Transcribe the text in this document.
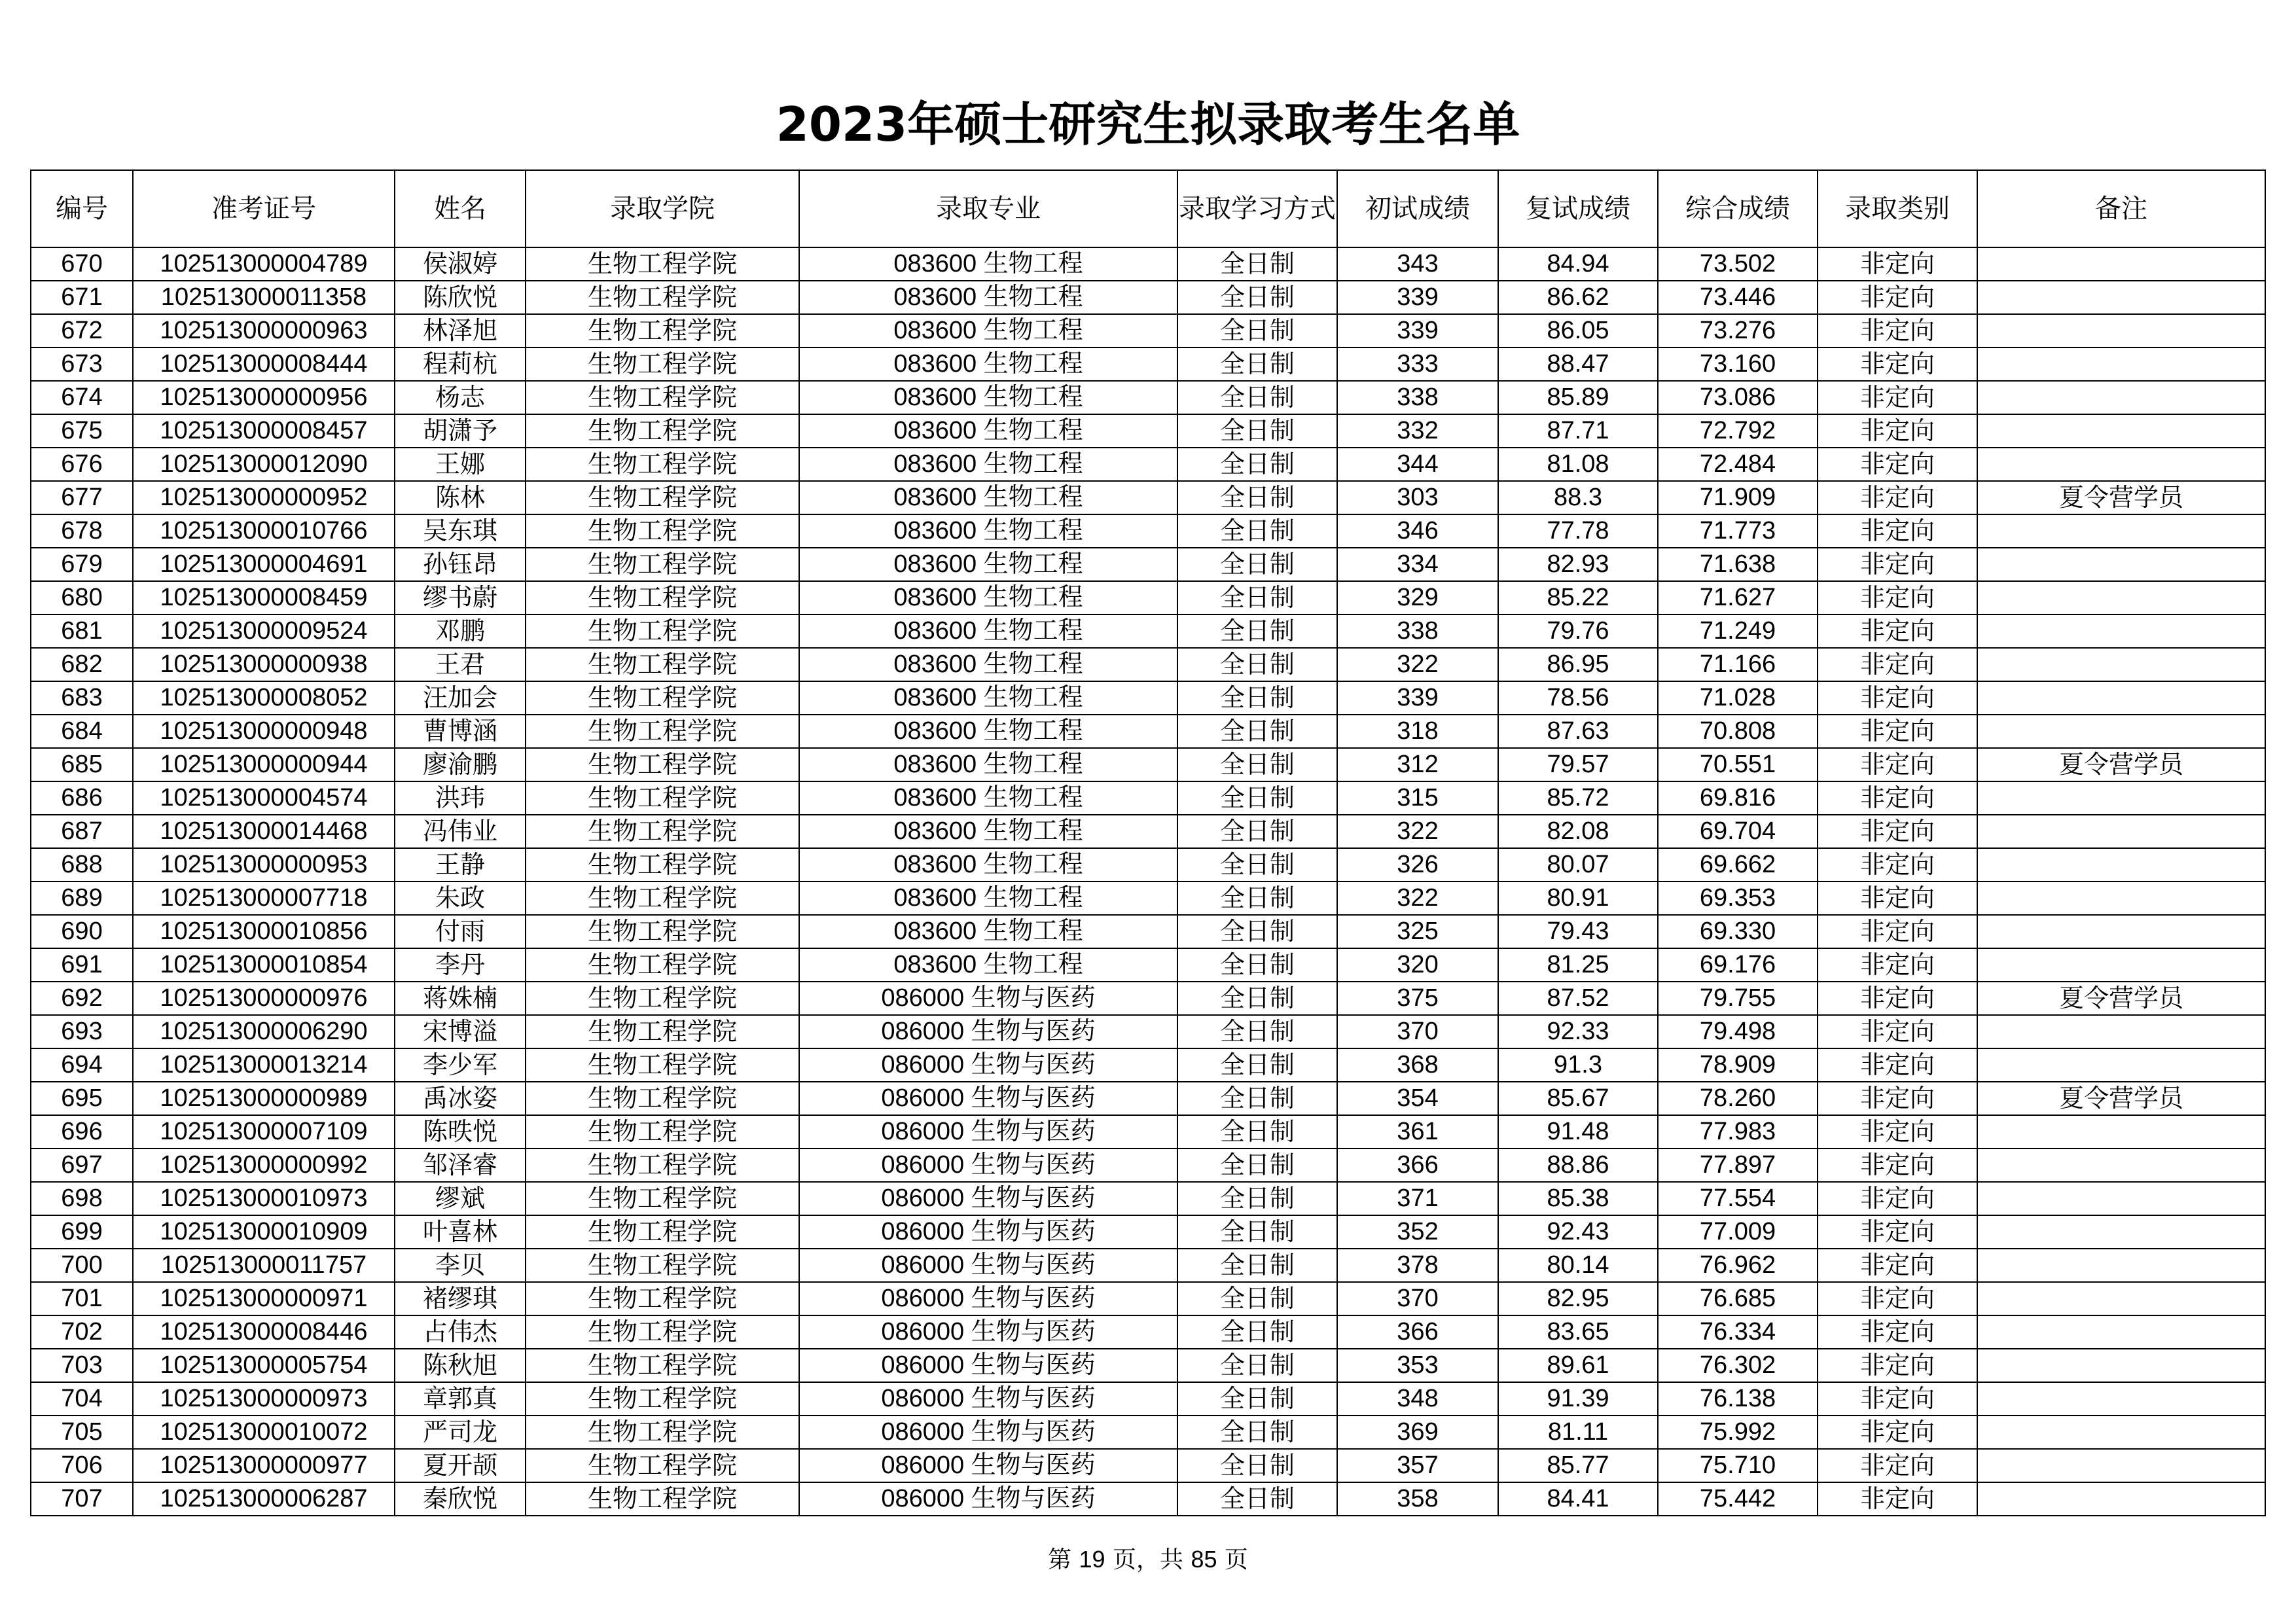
2023年硕士研究生拟录取考生名单
编号	准考证号	姓名	录取学院	录取专业	录取学习方式	初试成绩	复试成绩	综合成绩	录取类别	备注
670	102513000004789	侯淑婷	生物工程学院	083600 生物工程	全日制	343	84.94	73.502	非定向	
671	102513000011358	陈欣悦	生物工程学院	083600 生物工程	全日制	339	86.62	73.446	非定向	
672	102513000000963	林泽旭	生物工程学院	083600 生物工程	全日制	339	86.05	73.276	非定向	
673	102513000008444	程莉杭	生物工程学院	083600 生物工程	全日制	333	88.47	73.160	非定向	
674	102513000000956	杨志	生物工程学院	083600 生物工程	全日制	338	85.89	73.086	非定向	
675	102513000008457	胡潇予	生物工程学院	083600 生物工程	全日制	332	87.71	72.792	非定向	
676	102513000012090	王娜	生物工程学院	083600 生物工程	全日制	344	81.08	72.484	非定向	
677	102513000000952	陈林	生物工程学院	083600 生物工程	全日制	303	88.3	71.909	非定向	夏令营学员
678	102513000010766	吴东琪	生物工程学院	083600 生物工程	全日制	346	77.78	71.773	非定向	
679	102513000004691	孙钰昂	生物工程学院	083600 生物工程	全日制	334	82.93	71.638	非定向	
680	102513000008459	缪书蔚	生物工程学院	083600 生物工程	全日制	329	85.22	71.627	非定向	
681	102513000009524	邓鹏	生物工程学院	083600 生物工程	全日制	338	79.76	71.249	非定向	
682	102513000000938	王君	生物工程学院	083600 生物工程	全日制	322	86.95	71.166	非定向	
683	102513000008052	汪加会	生物工程学院	083600 生物工程	全日制	339	78.56	71.028	非定向	
684	102513000000948	曹博涵	生物工程学院	083600 生物工程	全日制	318	87.63	70.808	非定向	
685	102513000000944	廖渝鹏	生物工程学院	083600 生物工程	全日制	312	79.57	70.551	非定向	夏令营学员
686	102513000004574	洪玮	生物工程学院	083600 生物工程	全日制	315	85.72	69.816	非定向	
687	102513000014468	冯伟业	生物工程学院	083600 生物工程	全日制	322	82.08	69.704	非定向	
688	102513000000953	王静	生物工程学院	083600 生物工程	全日制	326	80.07	69.662	非定向	
689	102513000007718	朱政	生物工程学院	083600 生物工程	全日制	322	80.91	69.353	非定向	
690	102513000010856	付雨	生物工程学院	083600 生物工程	全日制	325	79.43	69.330	非定向	
691	102513000010854	李丹	生物工程学院	083600 生物工程	全日制	320	81.25	69.176	非定向	
692	102513000000976	蒋姝楠	生物工程学院	086000 生物与医药	全日制	375	87.52	79.755	非定向	夏令营学员
693	102513000006290	宋博溢	生物工程学院	086000 生物与医药	全日制	370	92.33	79.498	非定向	
694	102513000013214	李少军	生物工程学院	086000 生物与医药	全日制	368	91.3	78.909	非定向	
695	102513000000989	禹冰姿	生物工程学院	086000 生物与医药	全日制	354	85.67	78.260	非定向	夏令营学员
696	102513000007109	陈昳悦	生物工程学院	086000 生物与医药	全日制	361	91.48	77.983	非定向	
697	102513000000992	邹泽睿	生物工程学院	086000 生物与医药	全日制	366	88.86	77.897	非定向	
698	102513000010973	缪斌	生物工程学院	086000 生物与医药	全日制	371	85.38	77.554	非定向	
699	102513000010909	叶喜林	生物工程学院	086000 生物与医药	全日制	352	92.43	77.009	非定向	
700	102513000011757	李贝	生物工程学院	086000 生物与医药	全日制	378	80.14	76.962	非定向	
701	102513000000971	褚缪琪	生物工程学院	086000 生物与医药	全日制	370	82.95	76.685	非定向	
702	102513000008446	占伟杰	生物工程学院	086000 生物与医药	全日制	366	83.65	76.334	非定向	
703	102513000005754	陈秋旭	生物工程学院	086000 生物与医药	全日制	353	89.61	76.302	非定向	
704	102513000000973	章郭真	生物工程学院	086000 生物与医药	全日制	348	91.39	76.138	非定向	
705	102513000010072	严司龙	生物工程学院	086000 生物与医药	全日制	369	81.11	75.992	非定向	
706	102513000000977	夏开颉	生物工程学院	086000 生物与医药	全日制	357	85.77	75.710	非定向	
707	102513000006287	秦欣悦	生物工程学院	086000 生物与医药	全日制	358	84.41	75.442	非定向	
第 19 页，共 85 页
